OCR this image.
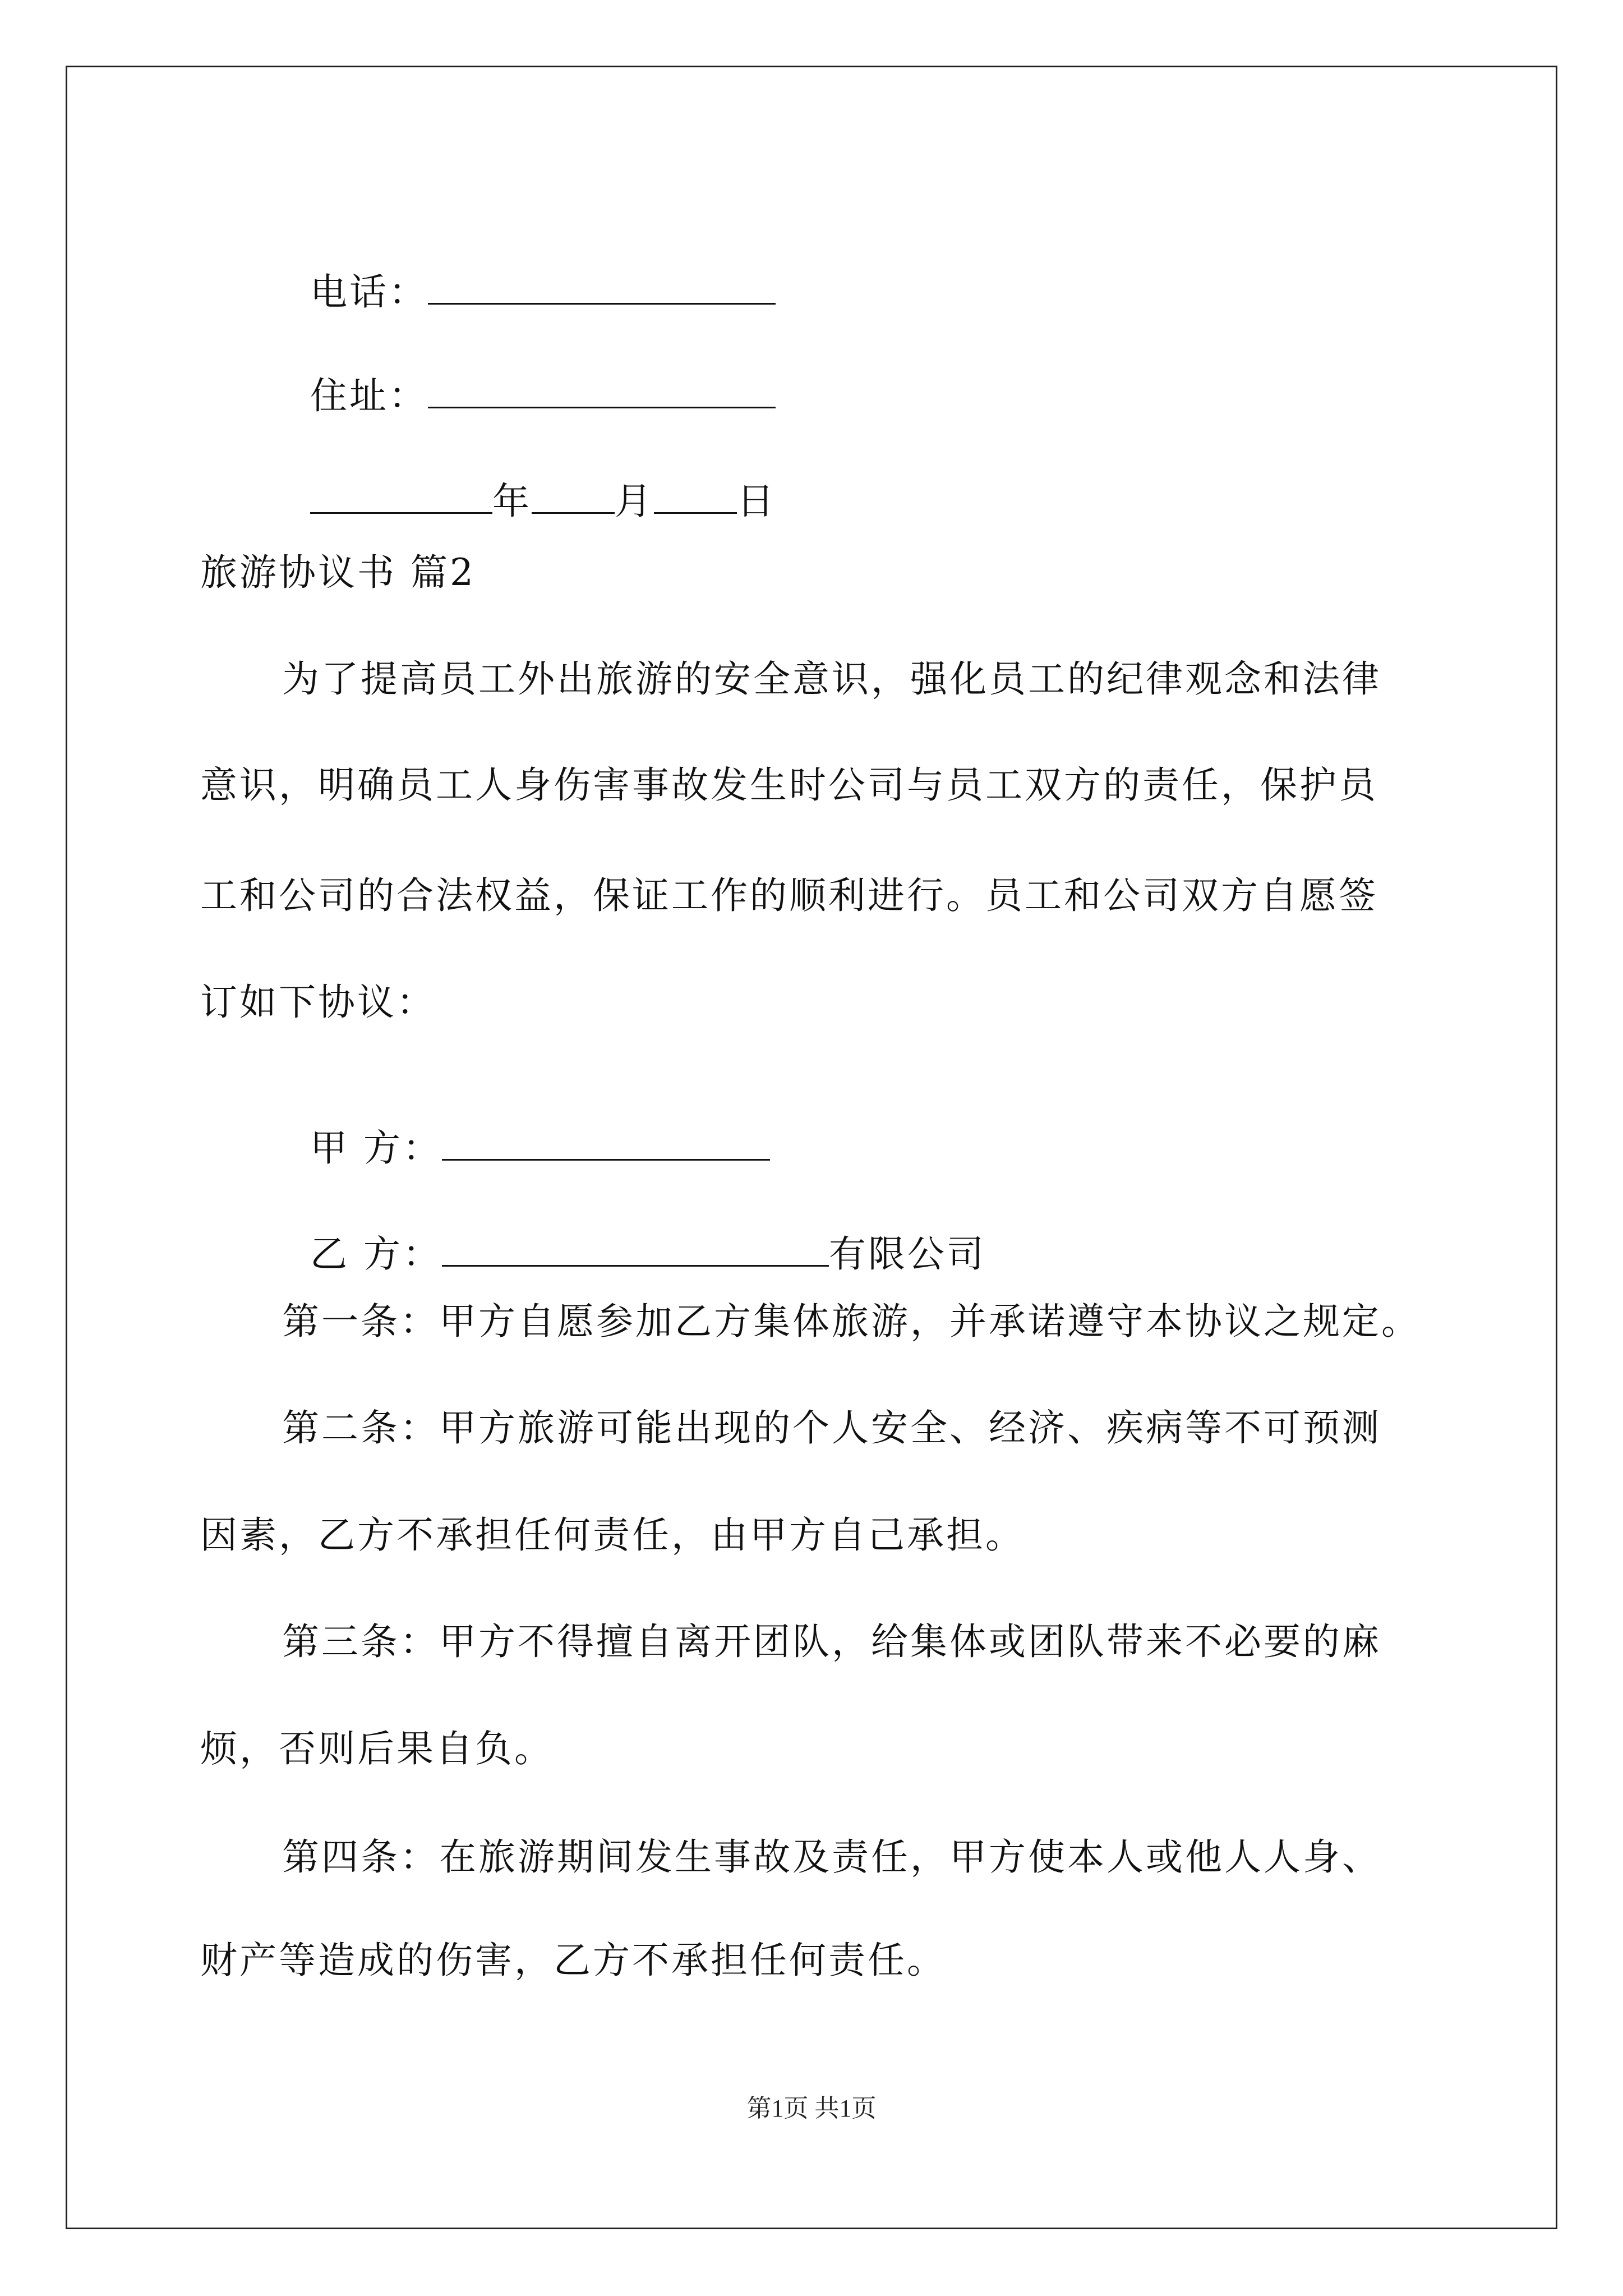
电话：

住址：

年 月 日

旅游协议书 篇2
为了提高员工外出旅游的安全意识，强化员工的纪律观念和法律
意识，明确员工人身伤害事故发生时公司与员工双方的责任，保护员
工和公司的合法权益，保证工作的顺利进行。员工和公司双方自愿签
订如下协议：

甲 方：

乙 方：	有限公司

第一条：甲方自愿参加乙方集体旅游，并承诺遵守本协议之规定。
第二条：甲方旅游可能出现的个人安全、经济、疾病等不可预测
因素，乙方不承担任何责任，由甲方自己承担。
第三条：甲方不得擅自离开团队，给集体或团队带来不必要的麻
烦，否则后果自负。
第四条：在旅游期间发生事故及责任，甲方使本人或他人人身、
财产等造成的伤害，乙方不承担任何责任。
第1页 共1页
